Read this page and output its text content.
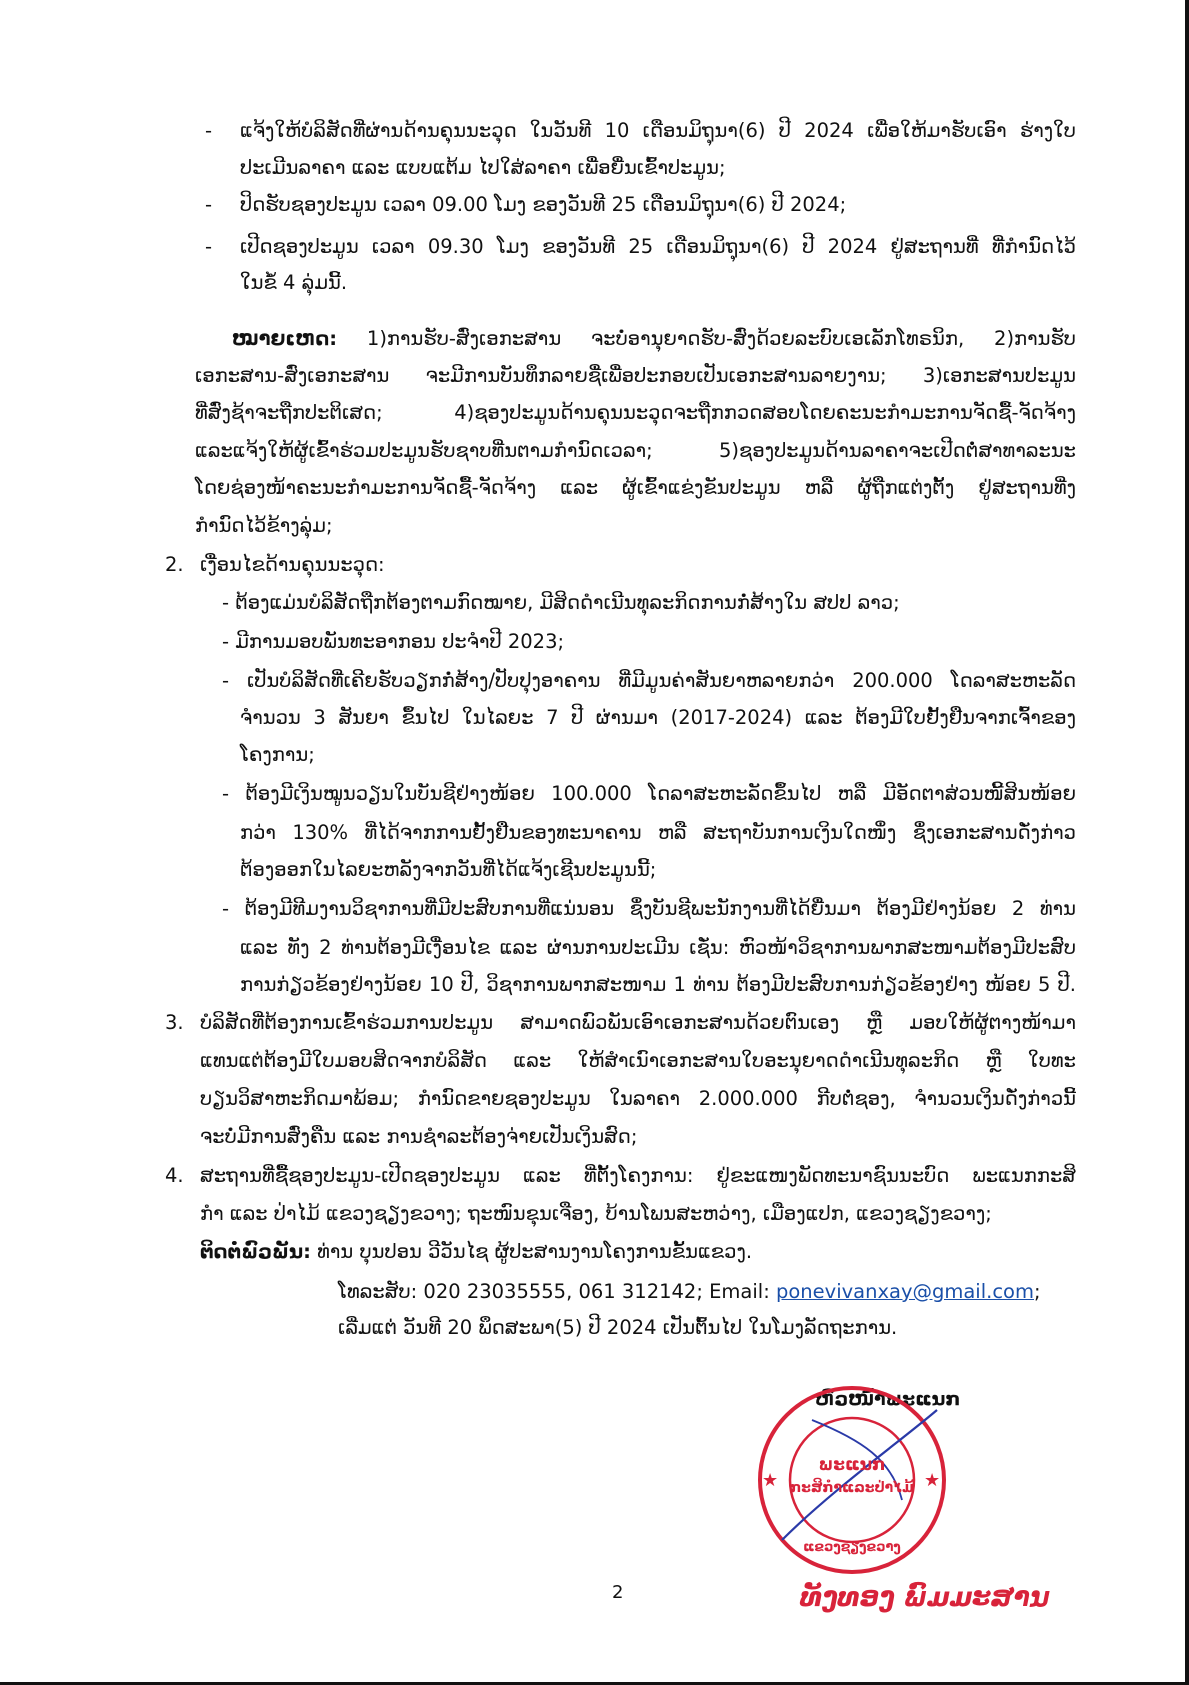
- ແຈ້ງໃຫ້ບໍລິສັດທີ່ຜ່ານດ້ານຄຸນນະວຸດ ໃນວັນທີ 10 ເດືອນມິຖຸນາ(6) ປີ 2024 ເພື່ອໃຫ້ມາຮັບເອົາ ຮ່າງໃບ
ປະເມີນລາຄາ ແລະ ແບບແຕ້ມ ໄປໃສ່ລາຄາ ເພື່ອຍື່ນເຂົ້າປະມູນ;
- ປິດຮັບຊອງປະມູນ ເວລາ 09.00 ໂມງ ຂອງວັນທີ 25 ເດືອນມິຖຸນາ(6) ປີ 2024;
- ເປີດຊອງປະມູນ ເວລາ 09.30 ໂມງ ຂອງວັນທີ 25 ເດືອນມິຖຸນາ(6) ປີ 2024 ຢູ່ສະຖານທີ່ ທີ່ກຳນົດໄວ້
ໃນຂໍ້ 4 ລຸ່ມນີ້.
ໝາຍເຫດ: 1)ການຮັບ-ສົ່ງເອກະສານ ຈະບໍ່ອານຸຍາດຮັບ-ສົ່ງດ້ວຍລະບົບເອເລັກໂທຣນິກ, 2)ການຮັບ
ເອກະສານ-ສົ່ງເອກະສານ ຈະມີການບັນທຶກລາຍຊື່ເພື່ອປະກອບເປັນເອກະສານລາຍງານ; 3)ເອກະສານປະມູນ
ທີ່ສົ່ງຊ້າຈະຖືກປະຕິເສດ; 4)ຊອງປະມູນດ້ານຄຸນນະວຸດຈະຖືກກວດສອບໂດຍຄະນະກຳມະການຈັດຊື້-ຈັດຈ້າງ
ແລະແຈ້ງໃຫ້ຜູ້ເຂົ້າຮ່ວມປະມູນຮັບຊາບທີ່ນຕາມກຳນົດເວລາ; 5)ຊອງປະມູນດ້ານລາຄາຈະເປີດຕໍ່ສາທາລະນະ
ໂດຍຊ່ອງໜ້າຄະນະກຳມະການຈັດຊື້-ຈັດຈ້າງ ແລະ ຜູ້ເຂົ້າແຂ່ງຂັນປະມູນ ຫລື ຜູ້ຖືກແຕ່ງຕັ້ງ ຢູ່ສະຖານທີ່ງ
ກຳນົດໄວ້ຂ້າງລຸ່ມ;
2. ເງື່ອນໄຂດ້ານຄຸນນະວຸດ:
- ຕ້ອງແມ່ນບໍລິສັດຖືກຕ້ອງຕາມກົດໝາຍ, ມີສິດດຳເນີນທຸລະກິດການກໍ່ສ້າງໃນ ສປປ ລາວ;
- ມີການມອບພັນທະອາກອນ ປະຈຳປີ 2023;
- ເປັນບໍລິສັດທີ່ເຄີຍຮັບວຽກກໍ່ສ້າງ/ປັບປຸງອາຄານ ທີ່ມີມູນຄ່າສັນຍາຫລາຍກວ່າ 200.000 ໂດລາສະຫະລັດ
ຈຳນວນ 3 ສັນຍາ ຂຶ້ນໄປ ໃນໄລຍະ 7 ປີ ຜ່ານມາ (2017-2024) ແລະ ຕ້ອງມີໃບຢັ້ງຢືນຈາກເຈົ້າຂອງ
ໂຄງການ;
- ຕ້ອງມີເງິນໝູນວຽນໃນບັນຊີຢ່າງໜ້ອຍ 100.000 ໂດລາສະຫະລັດຂຶ້ນໄປ ຫລື ມີອັດຕາສ່ວນໜີ້ສິນໜ້ອຍ
ກວ່າ 130% ທີ່ໄດ້ຈາກການຢັ້ງຢືນຂອງທະນາຄານ ຫລື ສະຖາບັນການເງິນໃດໜຶ່ງ ຊຶ່ງເອກະສານດັ່ງກ່າວ
ຕ້ອງອອກໃນໄລຍະຫລັງຈາກວັນທີ່ໄດ້ແຈ້ງເຊີນປະມູນນີ້;
- ຕ້ອງມີທີມງານວິຊາການທີ່ມີປະສົບການທີ່ແນ່ນອນ ຊຶ່ງບັນຊີພະນັກງານທີ່ໄດ້ຍື່ນມາ ຕ້ອງມີຢ່າງນ້ອຍ 2 ທ່ານ
ແລະ ທັງ 2 ທ່ານຕ້ອງມີເງື່ອນໄຂ ແລະ ຜ່ານການປະເມີນ ເຊັ່ນ: ຫົວໜ້າວິຊາການພາກສະໜາມຕ້ອງມີປະສົບ
ການກ່ຽວຂ້ອງຢ່າງນ້ອຍ 10 ປີ, ວິຊາການພາກສະໜາມ 1 ທ່ານ ຕ້ອງມີປະສົບການກ່ຽວຂ້ອງຢ່າງ ໜ້ອຍ 5 ປີ.
3. ບໍລິສັດທີ່ຕ້ອງການເຂົ້າຮ່ວມການປະມູນ ສາມາດພົວພັນເອົາເອກະສານດ້ວຍຕົນເອງ ຫຼື ມອບໃຫ້ຜູ້ຕາງໜ້າມາ
ແທນແຕ່ຕ້ອງມີໃບມອບສິດຈາກບໍລິສັດ ແລະ ໃຫ້ສຳເນົາເອກະສານໃບອະນຸຍາດດຳເນີນທຸລະກິດ ຫຼື ໃບທະ
ບຽນວິສາຫະກິດມາພ້ອມ; ກຳນົດຂາຍຊອງປະມູນ ໃນລາຄາ 2.000.000 ກີບຕໍ່ຊອງ, ຈຳນວນເງິນດັ່ງກ່າວນີ້
ຈະບໍ່ມີການສົ່ງຄືນ ແລະ ການຊຳລະຕ້ອງຈ່າຍເປັນເງິນສົດ;
4. ສະຖານທີ່ຊື້ຊອງປະມູນ-ເປີດຊອງປະມູນ ແລະ ທີ່ຕັ້ງໂຄງການ: ຢູ່ຂະແໜງພັດທະນາຊົນນະບົດ ພະແນກກະສິ
ກຳ ແລະ ປ່າໄມ້ ແຂວງຊຽງຂວາງ; ຖະໜົນຂຸນເຈືອງ, ບ້ານໂພນສະຫວ່າງ, ເມືອງແປກ, ແຂວງຊຽງຂວາງ;
ຕິດຕໍ່ພົວພັນ: ທ່ານ ບຸນປອນ ວີວັນໄຊ ຜູ້ປະສານງານໂຄງການຂັ້ນແຂວງ.
ໂທລະສັບ: 020 23035555, 061 312142; Email: ponevivanxay@gmail.com;
ເລີ່ມແຕ່ ວັນທີ 20 ພຶດສະພາ(5) ປີ 2024 ເປັນຕົ້ນໄປ ໃນໂມງລັດຖະການ.
ຫົວໜ້າພະແນກ
★	★
ພະແນກ
ກະສິກຳແລະປ່າໄມ້
ແຂວງຊຽງຂວາງ
ທັງທອງ ພົມມະສານ
2
